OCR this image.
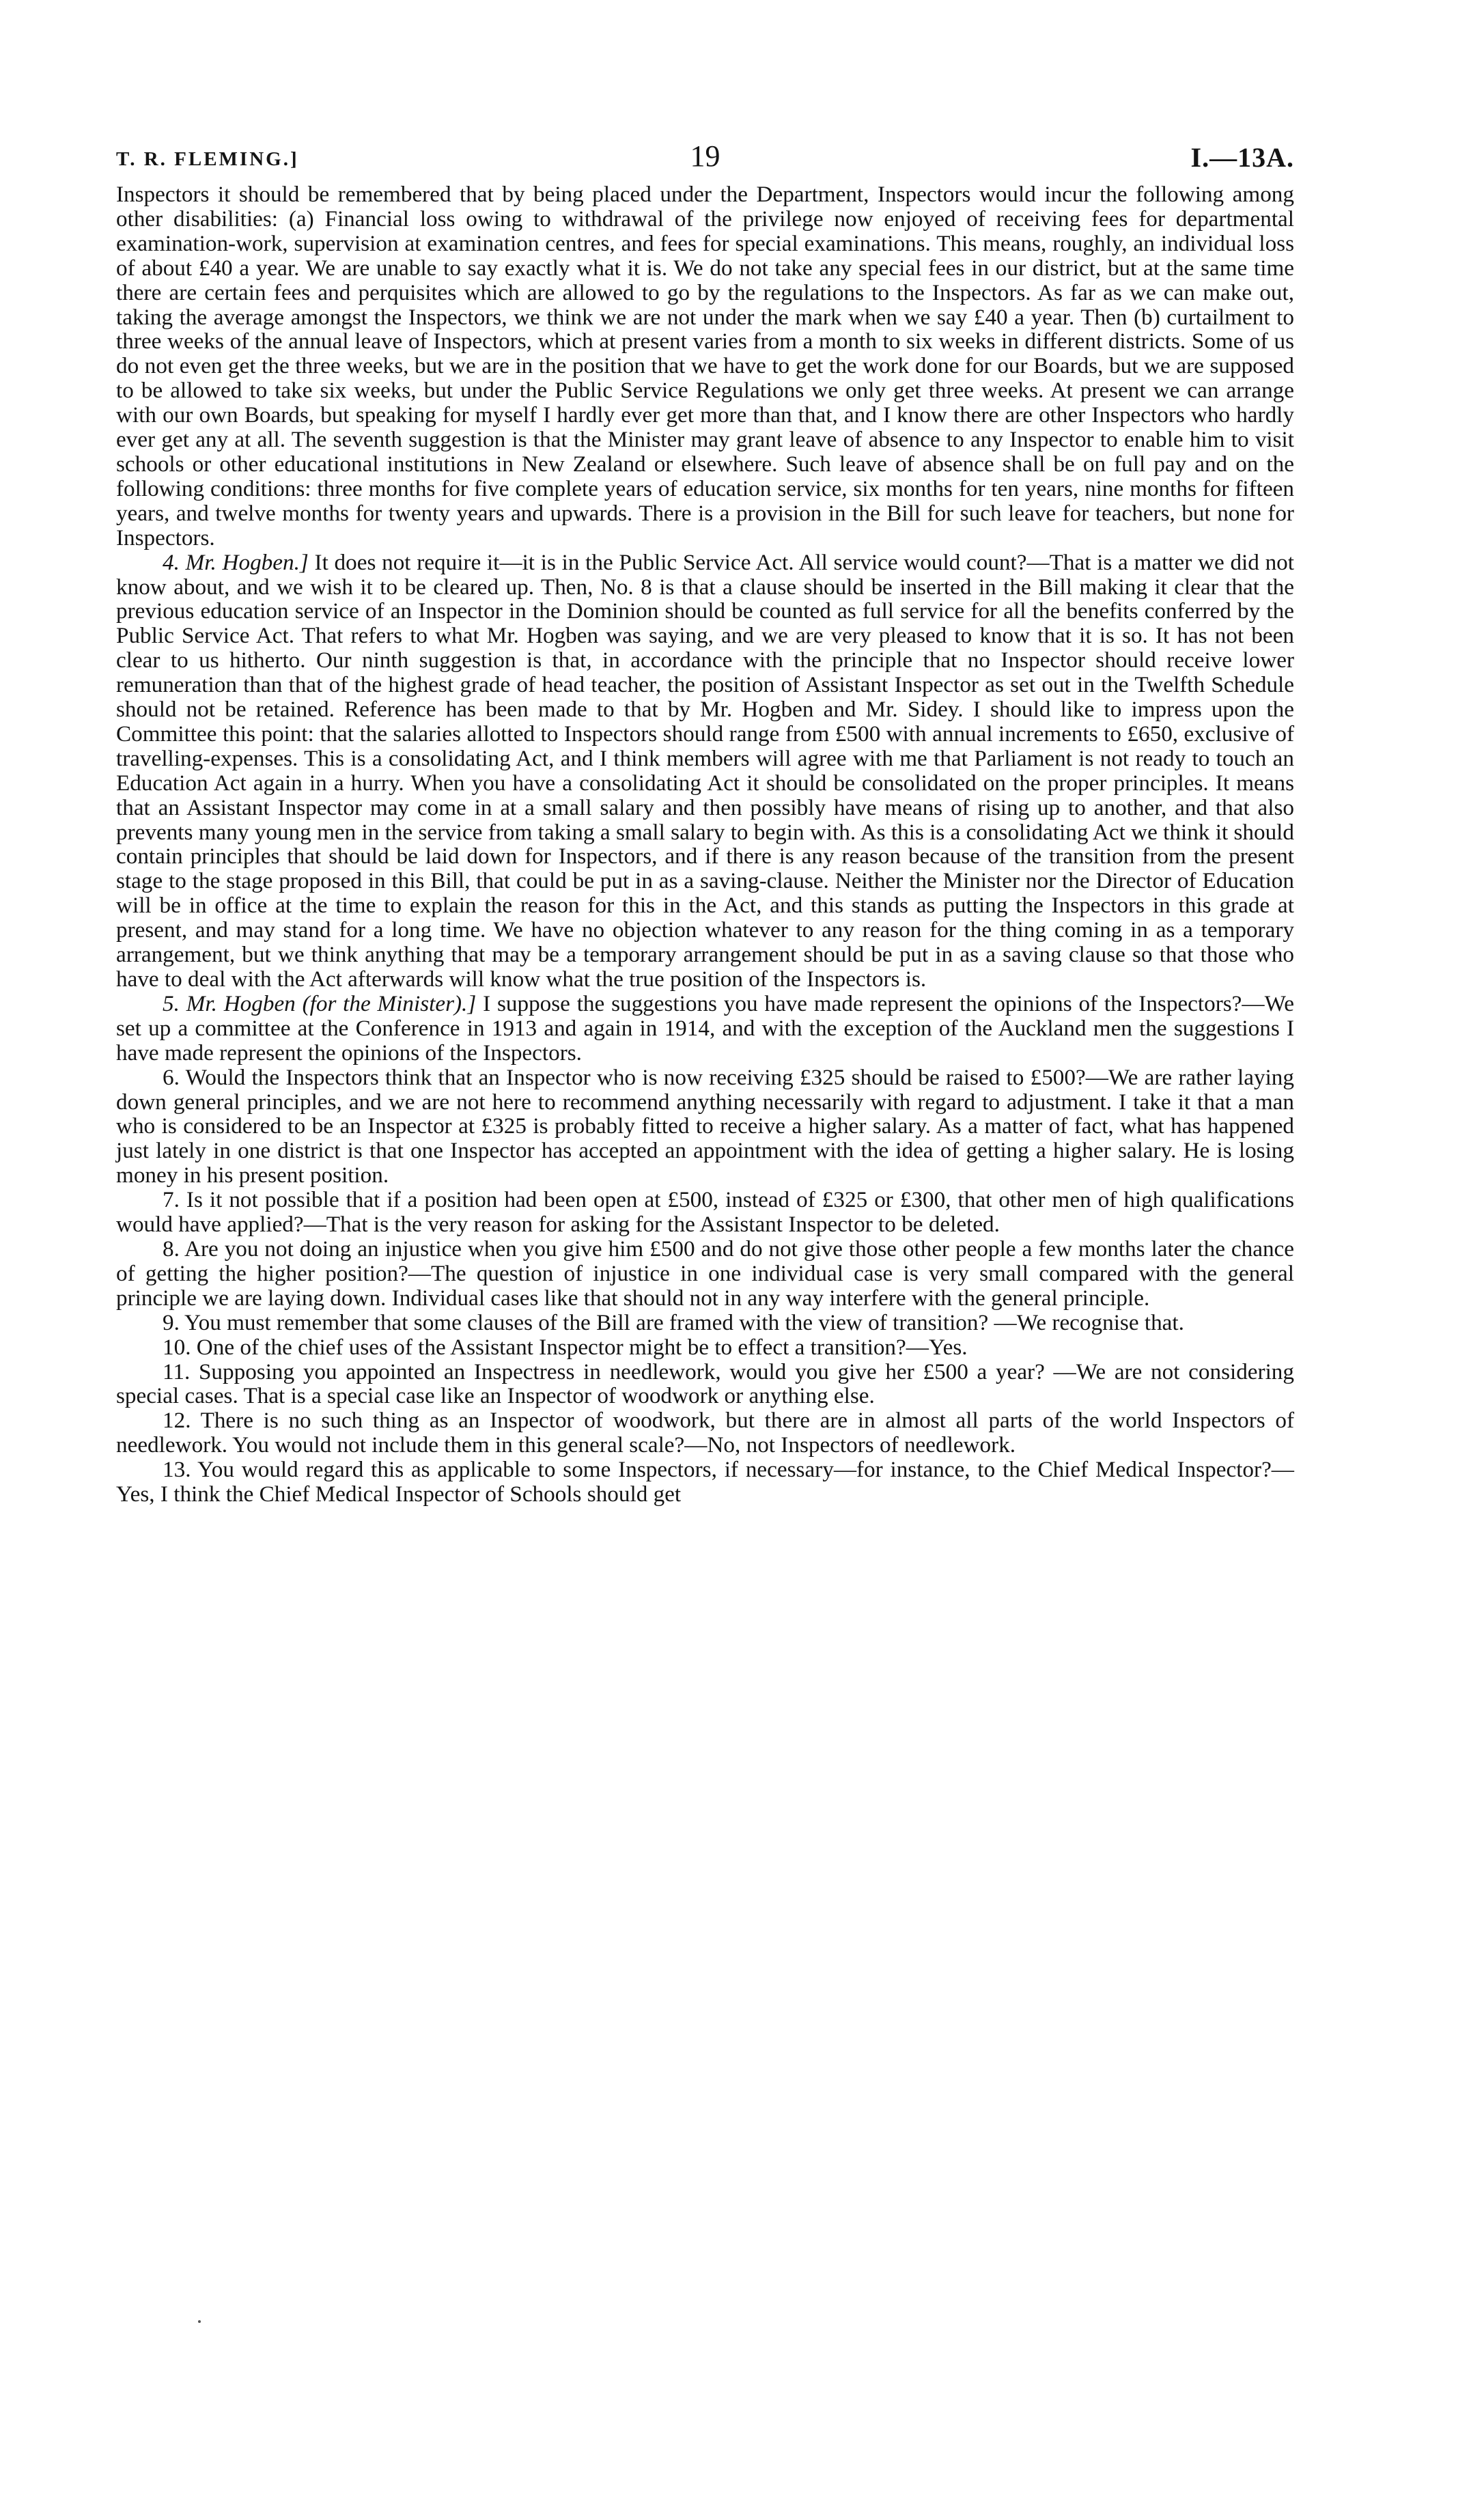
T. R. FLEMING.]	19	I.—13A.

Inspectors it should be remembered that by being placed under the Department, Inspectors would incur the following among other disabilities: (a) Financial loss owing to withdrawal of the privilege now enjoyed of receiving fees for departmental examination-work, supervision at examination centres, and fees for special examinations. This means, roughly, an individual loss of about £40 a year. We are unable to say exactly what it is. We do not take any special fees in our district, but at the same time there are certain fees and perquisites which are allowed to go by the regulations to the Inspectors. As far as we can make out, taking the average amongst the Inspectors, we think we are not under the mark when we say £40 a year. Then (b) curtailment to three weeks of the annual leave of Inspectors, which at present varies from a month to six weeks in different districts. Some of us do not even get the three weeks, but we are in the position that we have to get the work done for our Boards, but we are supposed to be allowed to take six weeks, but under the Public Service Regulations we only get three weeks. At present we can arrange with our own Boards, but speaking for myself I hardly ever get more than that, and I know there are other Inspectors who hardly ever get any at all. The seventh suggestion is that the Minister may grant leave of absence to any Inspector to enable him to visit schools or other educational institutions in New Zealand or elsewhere. Such leave of absence shall be on full pay and on the following conditions: three months for five complete years of education service, six months for ten years, nine months for fifteen years, and twelve months for twenty years and upwards. There is a provision in the Bill for such leave for teachers, but none for Inspectors.

4. Mr. Hogben.] It does not require it—it is in the Public Service Act. All service would count?—That is a matter we did not know about, and we wish it to be cleared up. Then, No. 8 is that a clause should be inserted in the Bill making it clear that the previous education service of an Inspector in the Dominion should be counted as full service for all the benefits conferred by the Public Service Act. That refers to what Mr. Hogben was saying, and we are very pleased to know that it is so. It has not been clear to us hitherto. Our ninth suggestion is that, in accordance with the principle that no Inspector should receive lower remuneration than that of the highest grade of head teacher, the position of Assistant Inspector as set out in the Twelfth Schedule should not be retained. Reference has been made to that by Mr. Hogben and Mr. Sidey. I should like to impress upon the Committee this point: that the salaries allotted to Inspectors should range from £500 with annual increments to £650, exclusive of travelling-expenses. This is a consolidating Act, and I think members will agree with me that Parliament is not ready to touch an Education Act again in a hurry. When you have a consolidating Act it should be consolidated on the proper principles. It means that an Assistant Inspector may come in at a small salary and then possibly have means of rising up to another, and that also prevents many young men in the service from taking a small salary to begin with. As this is a consolidating Act we think it should contain principles that should be laid down for Inspectors, and if there is any reason because of the transition from the present stage to the stage proposed in this Bill, that could be put in as a saving-clause. Neither the Minister nor the Director of Education will be in office at the time to explain the reason for this in the Act, and this stands as putting the Inspectors in this grade at present, and may stand for a long time. We have no objection whatever to any reason for the thing coming in as a temporary arrangement, but we think anything that may be a temporary arrangement should be put in as a saving clause so that those who have to deal with the Act afterwards will know what the true position of the Inspectors is.

5. Mr. Hogben (for the Minister).] I suppose the suggestions you have made represent the opinions of the Inspectors?—We set up a committee at the Conference in 1913 and again in 1914, and with the exception of the Auckland men the suggestions I have made represent the opinions of the Inspectors.

6. Would the Inspectors think that an Inspector who is now receiving £325 should be raised to £500?—We are rather laying down general principles, and we are not here to recommend anything necessarily with regard to adjustment. I take it that a man who is considered to be an Inspector at £325 is probably fitted to receive a higher salary. As a matter of fact, what has happened just lately in one district is that one Inspector has accepted an appointment with the idea of getting a higher salary. He is losing money in his present position.

7. Is it not possible that if a position had been open at £500, instead of £325 or £300, that other men of high qualifications would have applied?—That is the very reason for asking for the Assistant Inspector to be deleted.

8. Are you not doing an injustice when you give him £500 and do not give those other people a few months later the chance of getting the higher position?—The question of injustice in one individual case is very small compared with the general principle we are laying down. Individual cases like that should not in any way interfere with the general principle.

9. You must remember that some clauses of the Bill are framed with the view of transition? —We recognise that.

10. One of the chief uses of the Assistant Inspector might be to effect a transition?—Yes.

11. Supposing you appointed an Inspectress in needlework, would you give her £500 a year? —We are not considering special cases. That is a special case like an Inspector of woodwork or anything else.

12. There is no such thing as an Inspector of woodwork, but there are in almost all parts of the world Inspectors of needlework. You would not include them in this general scale?—No, not Inspectors of needlework.

13. You would regard this as applicable to some Inspectors, if necessary—for instance, to the Chief Medical Inspector?—Yes, I think the Chief Medical Inspector of Schools should get
